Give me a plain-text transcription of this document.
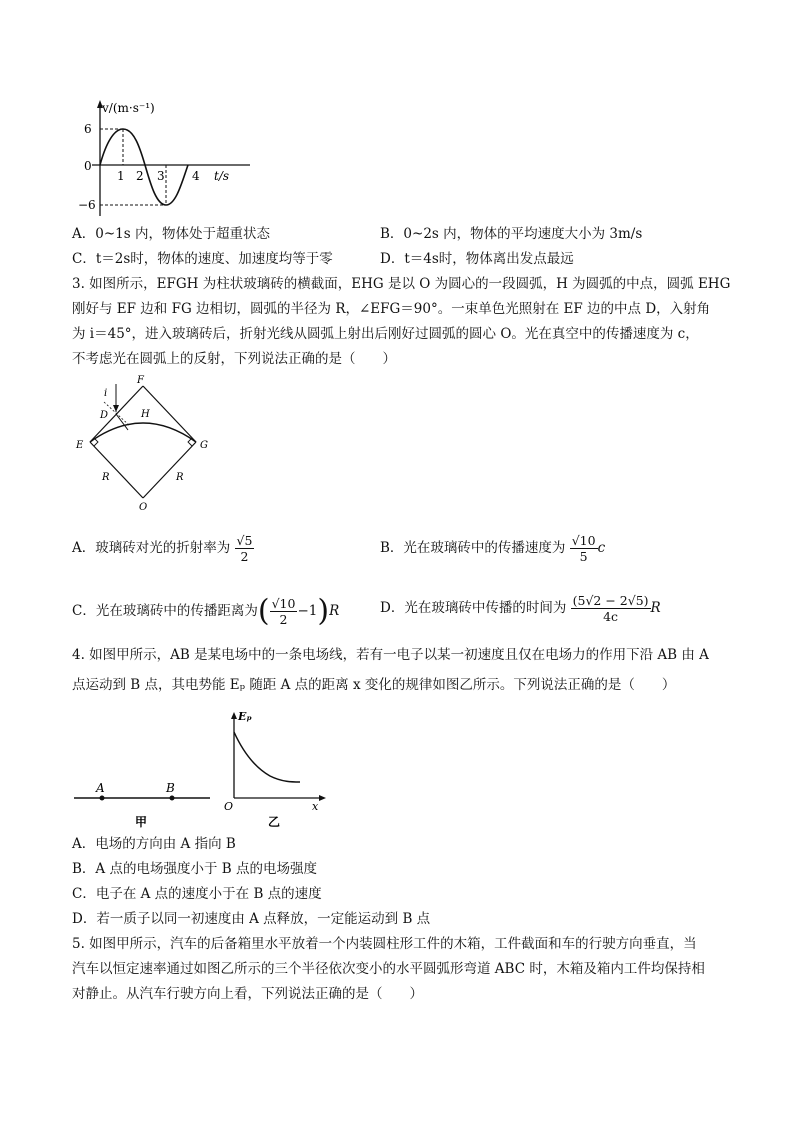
v/(m·s⁻¹)
6
0
−6
1 2 3 4 t/s
A．0~1s 内，物体处于超重状态	B．0~2s 内，物体的平均速度大小为 3m/s
C．t＝2s时，物体的速度、加速度均等于零	D．t＝4s时，物体离出发点最远
3. 如图所示，EFGH 为柱状玻璃砖的横截面，EHG 是以 O 为圆心的一段圆弧，H 为圆弧的中点，圆弧 EHG
刚好与 EF 边和 FG 边相切，圆弧的半径为 R，∠EFG＝90°。一束单色光照射在 EF 边的中点 D，入射角
为 i＝45°，进入玻璃砖后，折射光线从圆弧上射出后刚好过圆弧的圆心 O。光在真空中的传播速度为 c，
不考虑光在圆弧上的反射，下列说法正确的是（　　）
F
i
D	H
E	G
R	R
O
A．玻璃砖对光的折射率为 $\frac{√5}{2}$	B．光在玻璃砖中的传播速度为 $\frac{√10}{5}$ c
C．光在玻璃砖中的传播距离为( $\frac{√10}{2} -1)R$	D．光在玻璃砖中传播的时间为 $\frac{(5√2 - 2√5)}{4c}$ R
4. 如图甲所示，AB 是某电场中的一条电场线，若有一电子以某一初速度且仅在电场力的作用下沿 AB 由 A
点运动到 B 点，其电势能 Eₚ 随距 A 点的距离 x 变化的规律如图乙所示。下列说法正确的是（　　）
A	B
甲
Eₚ
O	x
乙
A．电场的方向由 A 指向 B
B．A 点的电场强度小于 B 点的电场强度
C．电子在 A 点的速度小于在 B 点的速度
D．若一质子以同一初速度由 A 点释放，一定能运动到 B 点
5. 如图甲所示，汽车的后备箱里水平放着一个内装圆柱形工件的木箱，工件截面和车的行驶方向垂直，当
汽车以恒定速率通过如图乙所示的三个半径依次变小的水平圆弧形弯道 ABC 时，木箱及箱内工件均保持相
对静止。从汽车行驶方向上看，下列说法正确的是（　　）
